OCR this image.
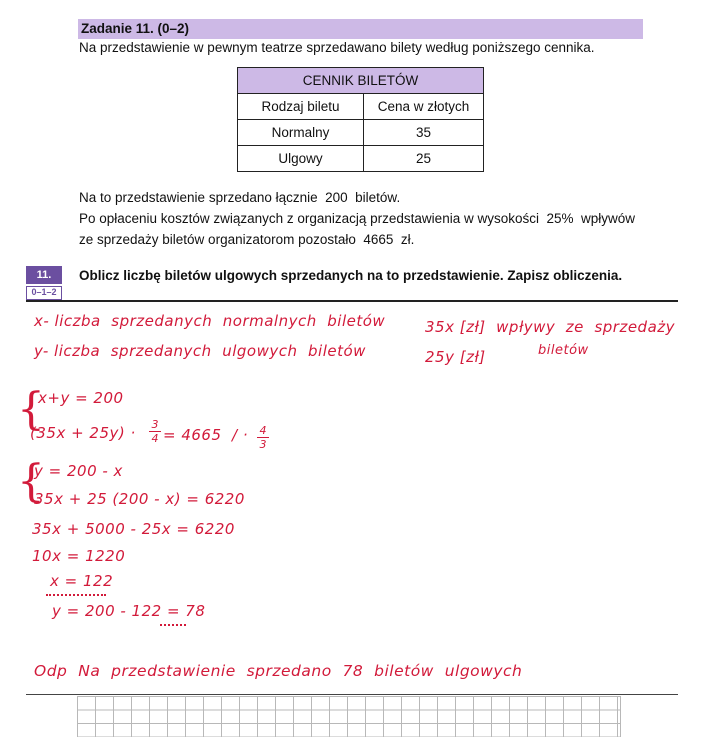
Zadanie 11. (0–2)
Na przedstawienie w pewnym teatrze sprzedawano bilety według poniższego cennika.
CENNIK BILETÓW	
Rodzaj biletu	Cena w złotych
Normalny	35
Ulgowy	25
Na to przedstawienie sprzedano łącznie  200  biletów.
Po opłaceniu kosztów związanych z organizacją przedstawienia w wysokości  25%  wpływów
ze sprzedaży biletów organizatorom pozostało  4665  zł.
11.
0–1–2
Oblicz liczbę biletów ulgowych sprzedanych na to przedstawienie. Zapisz obliczenia.
x- liczba  sprzedanych  normalnych  biletów	35x [zł]  wpływy  ze  sprzedaży
biletów
y- liczba  sprzedanych  ulgowych  biletów	25y [zł]
{
x+y = 200
$(35x + 25y) \cdot \frac{3}{4} = 4665$ / · $\frac{4}{3}$
{
y = 200 - x
35x + 25 (200 - x) = 6220
35x + 5000 - 25x = 6220
10x = 1220
x = 122
y = 200 - 122 = 78
Odp  Na  przedstawienie  sprzedano  78  biletów  ulgowych
